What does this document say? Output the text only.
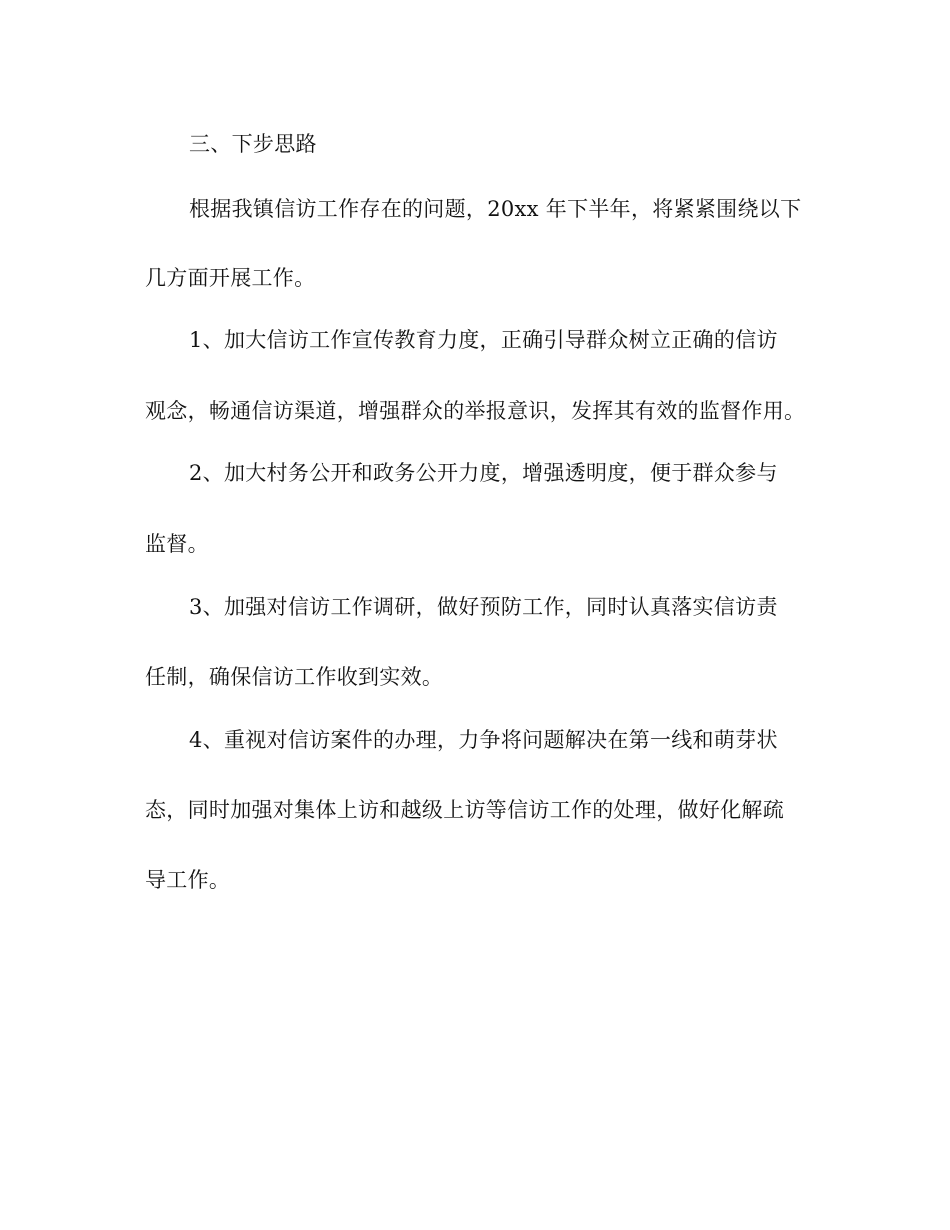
三、下步思路
根据我镇信访工作存在的问题，20xx 年下半年，将紧紧围绕以下
几方面开展工作。
1、加大信访工作宣传教育力度，正确引导群众树立正确的信访
观念，畅通信访渠道，增强群众的举报意识，发挥其有效的监督作用。
2、加大村务公开和政务公开力度，增强透明度，便于群众参与
监督。
3、加强对信访工作调研，做好预防工作，同时认真落实信访责
任制，确保信访工作收到实效。
4、重视对信访案件的办理，力争将问题解决在第一线和萌芽状
态，同时加强对集体上访和越级上访等信访工作的处理，做好化解疏
导工作。
